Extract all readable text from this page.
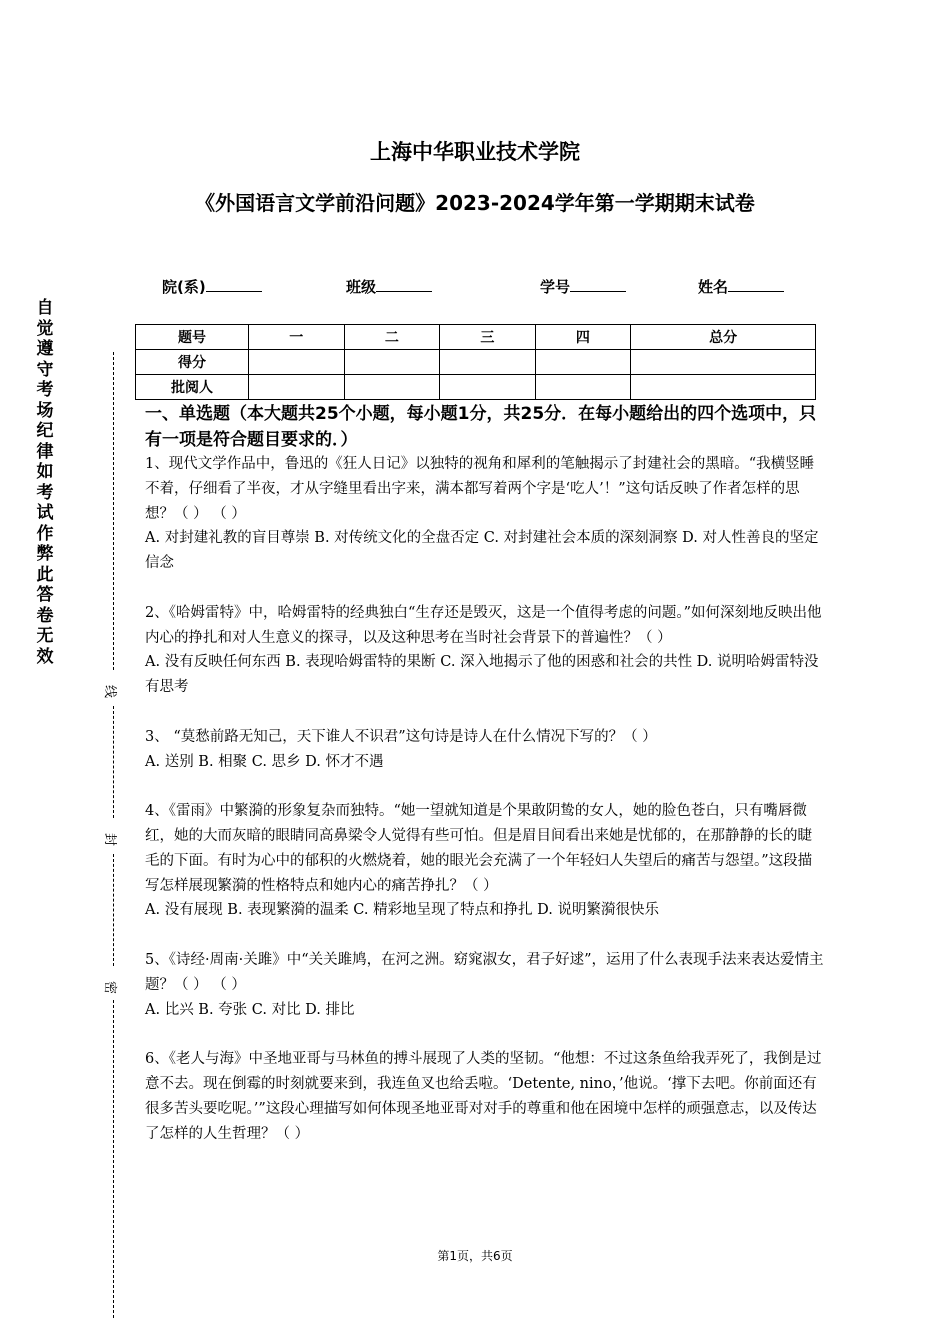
上海中华职业技术学院
《外国语言文学前沿问题》2023-2024学年第一学期期末试卷
院(系)	班级	学号	姓名
题号	一	二	三	四	总分
得分					
批阅人					
自觉遵守考场纪律如考试作弊此答卷无效
线
封
密
一、单选题（本大题共25个小题，每小题1分，共25分．在每小题给出的四个选项中，只有一项是符合题目要求的．）

1、现代文学作品中，鲁迅的《狂人日记》以独特的视角和犀利的笔触揭示了封建社会的黑暗。“我横竖睡不着，仔细看了半夜，才从字缝里看出字来，满本都写着两个字是‘吃人’！”这句话反映了作者怎样的思想？（ ） （ ）

A. 对封建礼教的盲目尊崇 B. 对传统文化的全盘否定 C. 对封建社会本质的深刻洞察 D. 对人性善良的坚定信念

2、《哈姆雷特》中，哈姆雷特的经典独白“生存还是毁灭，这是一个值得考虑的问题。”如何深刻地反映出他内心的挣扎和对人生意义的探寻，以及这种思考在当时社会背景下的普遍性？（ ）

A. 没有反映任何东西 B. 表现哈姆雷特的果断 C. 深入地揭示了他的困惑和社会的共性 D. 说明哈姆雷特没有思考

3、 “莫愁前路无知己，天下谁人不识君”这句诗是诗人在什么情况下写的？（ ）

A. 送别 B. 相聚 C. 思乡 D. 怀才不遇

4、《雷雨》中繁漪的形象复杂而独特。“她一望就知道是个果敢阴鸷的女人，她的脸色苍白，只有嘴唇微红，她的大而灰暗的眼睛同高鼻梁令人觉得有些可怕。但是眉目间看出来她是忧郁的，在那静静的长的睫毛的下面。有时为心中的郁积的火燃烧着，她的眼光会充满了一个年轻妇人失望后的痛苦与怨望。”这段描写怎样展现繁漪的性格特点和她内心的痛苦挣扎？（ ）

A. 没有展现 B. 表现繁漪的温柔 C. 精彩地呈现了特点和挣扎 D. 说明繁漪很快乐

5、《诗经·周南·关雎》中“关关雎鸠，在河之洲。窈窕淑女，君子好逑”，运用了什么表现手法来表达爱情主题？（ ） （ ）

A. 比兴 B. 夸张 C. 对比 D. 排比

6、《老人与海》中圣地亚哥与马林鱼的搏斗展现了人类的坚韧。“他想：不过这条鱼给我弄死了，我倒是过意不去。现在倒霉的时刻就要来到，我连鱼叉也给丢啦。‘Detente, nino，’他说。‘撑下去吧。你前面还有很多苦头要吃呢。’”这段心理描写如何体现圣地亚哥对对手的尊重和他在困境中怎样的顽强意志，以及传达了怎样的人生哲理？（ ）

第1页，共6页
